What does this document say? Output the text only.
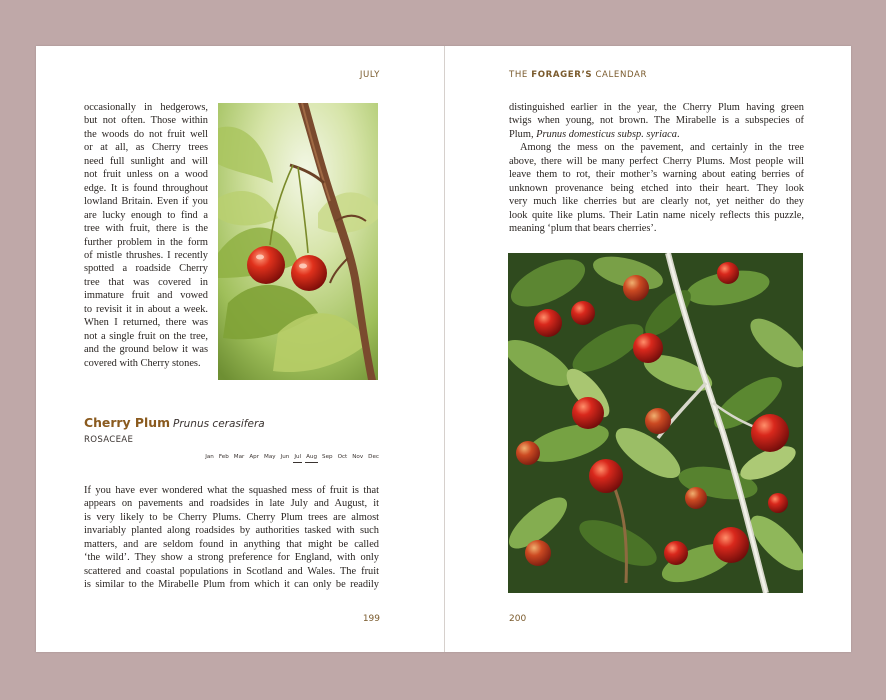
JULY
occasionally in hedgerows,
but not often. Those within
the woods do not fruit well
or at all, as Cherry trees
need full sunlight and will
not fruit unless on a wood
edge. It is found throughout
lowland Britain. Even if you
are lucky enough to find a
tree with fruit, there is the
further problem in the form
of mistle thrushes. I recently
spotted a roadside Cherry
tree that was covered in
immature fruit and vowed
to revisit it in about a week.
When I returned, there was
not a single fruit on the tree,
and the ground below it was
covered with Cherry stones.
Cherry Plum Prunus cerasifera
ROSACEAE
Jan Feb Mar Apr May Jun Jul Aug Sep Oct Nov Dec
If you have ever wondered what the squashed mess of fruit is that
appears on pavements and roadsides in late July and August, it
is very likely to be Cherry Plums. Cherry Plum trees are almost
invariably planted along roadsides by authorities tasked with such
matters, and are seldom found in anything that might be called
‘the wild’. They show a strong preference for England, with only
scattered and coastal populations in Scotland and Wales. The fruit
is similar to the Mirabelle Plum from which it can only be readily
199
THE FORAGER’S CALENDAR
distinguished earlier in the year, the Cherry Plum having green
twigs when young, not brown. The Mirabelle is a subspecies of
Plum, Prunus domesticus subsp. syriaca.
Among the mess on the pavement, and certainly in the tree
above, there will be many perfect Cherry Plums. Most people will
leave them to rot, their mother’s warning about eating berries of
unknown provenance being etched into their heart. They look
very much like cherries but are clearly not, yet neither do they
look quite like plums. Their Latin name nicely reflects this puzzle,
meaning ‘plum that bears cherries’.
200
